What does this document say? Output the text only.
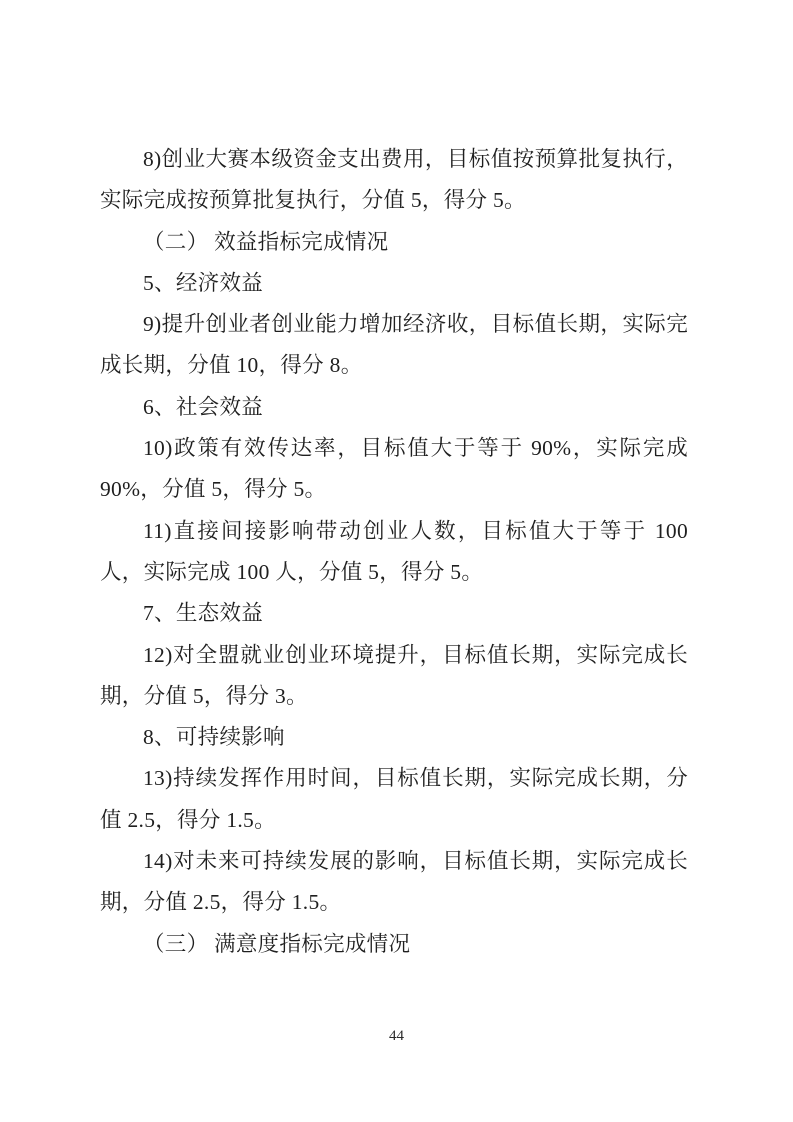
8)创业大赛本级资金支出费用，目标值按预算批复执行，
实际完成按预算批复执行，分值 5，得分 5。
（二） 效益指标完成情况
5、经济效益
9)提升创业者创业能力增加经济收，目标值长期，实际完
成长期，分值 10，得分 8。
6、社会效益
10)政策有效传达率，目标值大于等于 90%，实际完成
90%，分值 5，得分 5。
11)直接间接影响带动创业人数，目标值大于等于 100
人，实际完成 100 人，分值 5，得分 5。
7、生态效益
12)对全盟就业创业环境提升，目标值长期，实际完成长
期，分值 5，得分 3。
8、可持续影响
13)持续发挥作用时间，目标值长期，实际完成长期，分
值 2.5，得分 1.5。
14)对未来可持续发展的影响，目标值长期，实际完成长
期，分值 2.5，得分 1.5。
（三） 满意度指标完成情况
44
